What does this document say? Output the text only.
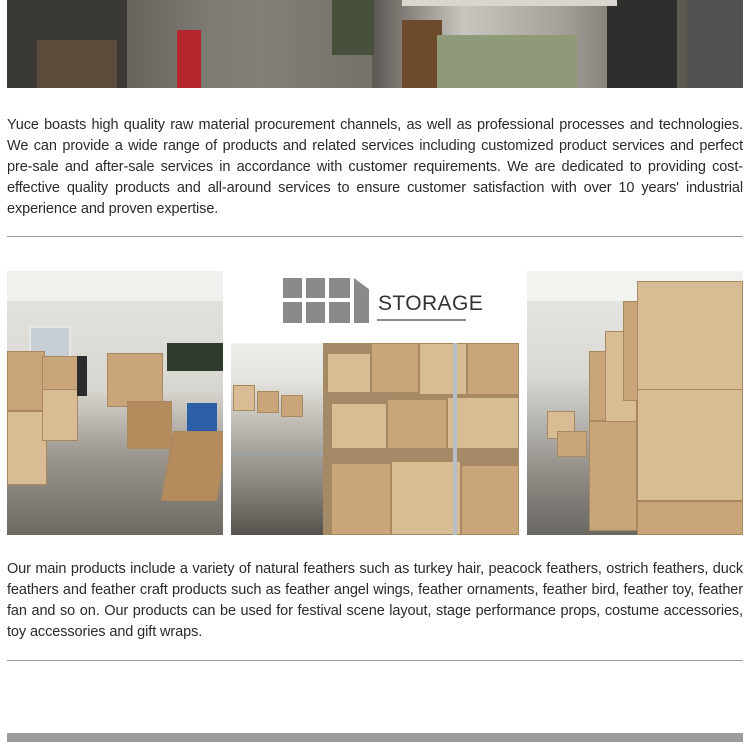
Yuce boasts high quality raw material procurement channels, as well as professional processes and technologies. We can provide a wide range of products and related services including customized product services and perfect pre-sale and after-sale services in accordance with customer requirements. We are dedicated to providing cost-effective quality products and all-around services to ensure customer satisfaction with over 10 years' industrial experience and proven expertise.
STORAGE
Our main products include a variety of natural feathers such as turkey hair, peacock feathers, ostrich feathers, duck feathers and feather craft products such as feather angel wings, feather ornaments, feather bird, feather toy, feather fan and so on. Our products can be used for festival scene layout, stage performance props, costume accessories, toy accessories and gift wraps.
